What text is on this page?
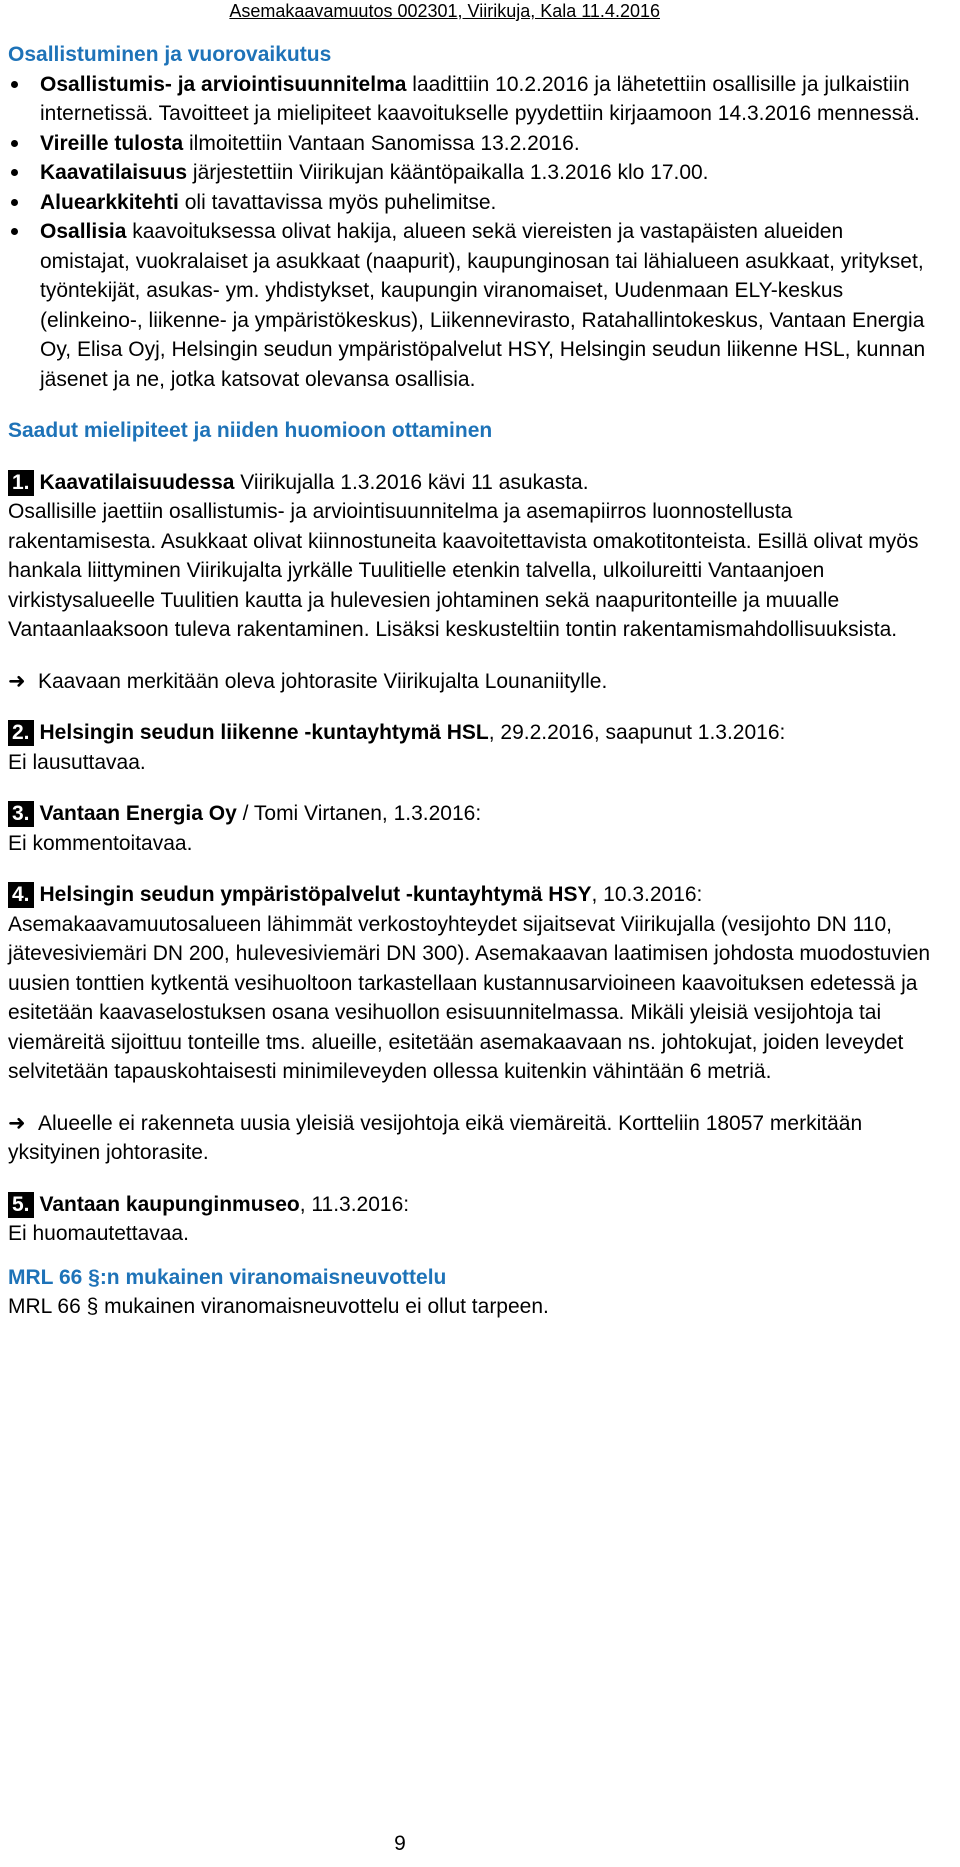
Asemakaavamuutos 002301, Viirikuja, Kala 11.4.2016

Osallistuminen ja vuorovaikutus

Osallistumis- ja arviointisuunnitelma laadittiin 10.2.2016 ja lähetettiin osallisille ja julkaistiin internetissä. Tavoitteet ja mielipiteet kaavoitukselle pyydettiin kirjaamoon 14.3.2016 mennessä.
Vireille tulosta ilmoitettiin Vantaan Sanomissa 13.2.2016.
Kaavatilaisuus järjestettiin Viirikujan kääntöpaikalla 1.3.2016 klo 17.00.
Aluearkkitehti oli tavattavissa myös puhelimitse.
Osallisia kaavoituksessa olivat hakija, alueen sekä viereisten ja vastapäisten alueiden omistajat, vuokralaiset ja asukkaat (naapurit), kaupunginosan tai lähialueen asukkaat, yritykset, työntekijät, asukas- ym. yhdistykset, kaupungin viranomaiset, Uudenmaan ELY-keskus (elinkeino-, liikenne- ja ympäristökeskus), Liikennevirasto, Ratahallintokeskus, Vantaan Energia Oy, Elisa Oyj, Helsingin seudun ympäristöpalvelut HSY, Helsingin seudun liikenne HSL, kunnan jäsenet ja ne, jotka katsovat olevansa osallisia.

Saadut mielipiteet ja niiden huomioon ottaminen

1. Kaavatilaisuudessa Viirikujalla 1.3.2016 kävi 11 asukasta.

Osallisille jaettiin osallistumis- ja arviointisuunnitelma ja asemapiirros luonnostellusta rakentamisesta. Asukkaat olivat kiinnostuneita kaavoitettavista omakotitonteista. Esillä olivat myös hankala liittyminen Viirikujalta jyrkälle Tuulitielle etenkin talvella, ulkoilureitti Vantaanjoen virkistysalueelle Tuulitien kautta ja hulevesien johtaminen sekä naapuritonteille ja muualle Vantaanlaaksoon tuleva rakentaminen. Lisäksi keskusteltiin tontin rakentamismahdollisuuksista.

➜ Kaavaan merkitään oleva johtorasite Viirikujalta Lounaniitylle.

2. Helsingin seudun liikenne -kuntayhtymä HSL, 29.2.2016, saapunut 1.3.2016:

Ei lausuttavaa.

3. Vantaan Energia Oy / Tomi Virtanen, 1.3.2016:

Ei kommentoitavaa.

4. Helsingin seudun ympäristöpalvelut -kuntayhtymä HSY, 10.3.2016:

Asemakaavamuutosalueen lähimmät verkostoyhteydet sijaitsevat Viirikujalla (vesijohto DN 110, jätevesiviemäri DN 200, hulevesiviemäri DN 300). Asemakaavan laatimisen johdosta muodostuvien uusien tonttien kytkentä vesihuoltoon tarkastellaan kustannusarvioineen kaavoituksen edetessä ja esitetään kaavaselostuksen osana vesihuollon esisuunnitelmassa. Mikäli yleisiä vesijohtoja tai viemäreitä sijoittuu tonteille tms. alueille, esitetään asemakaavaan ns. johtokujat, joiden leveydet selvitetään tapauskohtaisesti minimileveyden ollessa kuitenkin vähintään 6 metriä.

➜ Alueelle ei rakenneta uusia yleisiä vesijohtoja eikä viemäreitä. Kortteliin 18057 merkitään yksityinen johtorasite.

5. Vantaan kaupunginmuseo, 11.3.2016:

Ei huomautettavaa.

MRL 66 §:n mukainen viranomaisneuvottelu

MRL 66 § mukainen viranomaisneuvottelu ei ollut tarpeen.

9
